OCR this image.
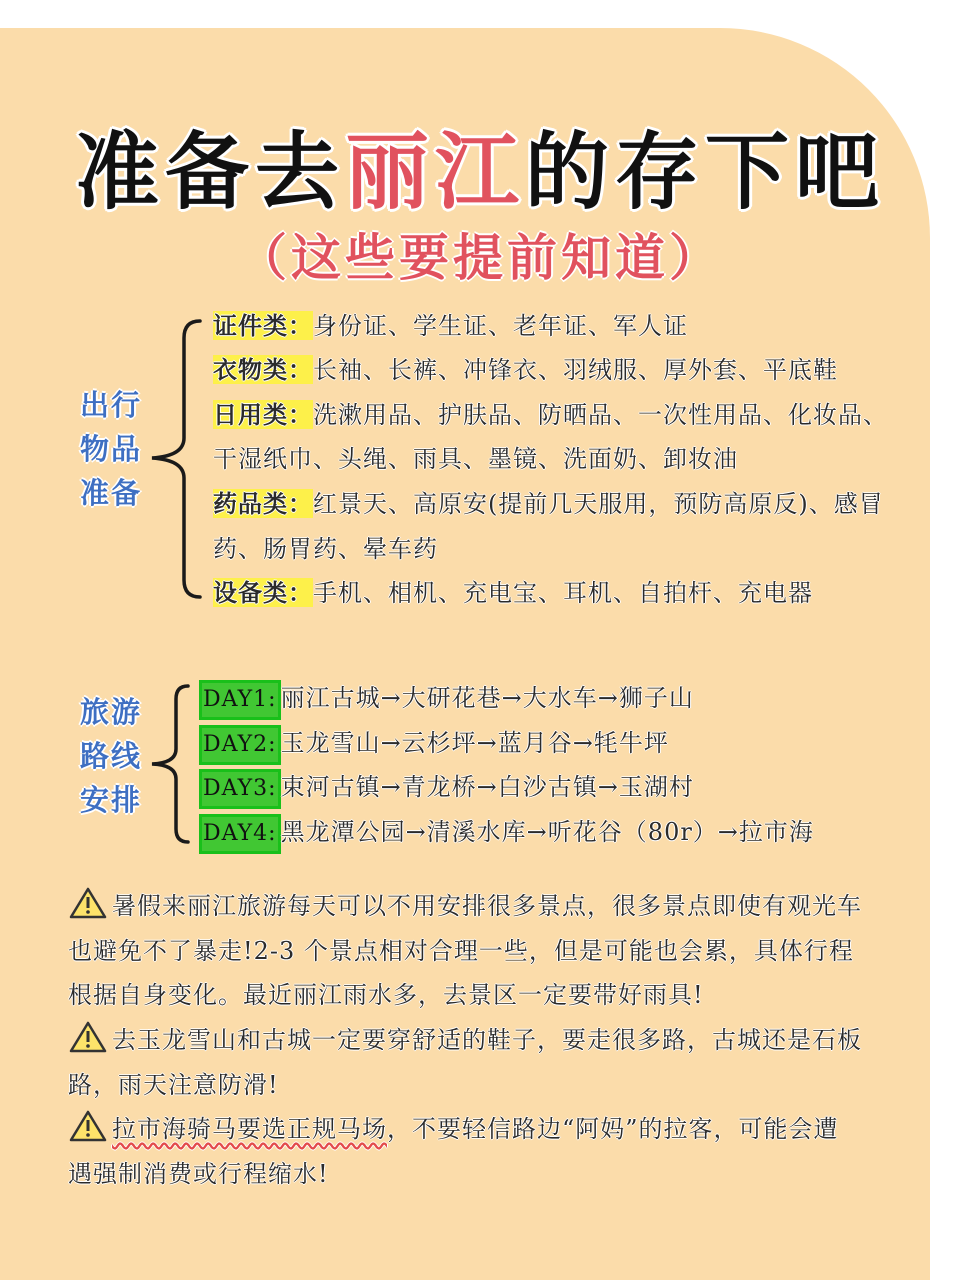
准备去丽江的存下吧
（这些要提前知道）
出行
物品
准备
证件类：身份证、学生证、老年证、军人证
衣物类：长袖、长裤、冲锋衣、羽绒服、厚外套、平底鞋
日用类：洗漱用品、护肤品、防晒品、一次性用品、化妆品、
干湿纸巾、头绳、雨具、墨镜、洗面奶、卸妆油
药品类：红景天、高原安(提前几天服用，预防高原反)、感冒
药、肠胃药、晕车药
设备类：手机、相机、充电宝、耳机、自拍杆、充电器
旅游
路线
安排
DAY1: 丽江古城→大研花巷→大水车→狮子山
DAY2: 玉龙雪山→云杉坪→蓝月谷→牦牛坪
DAY3: 束河古镇→青龙桥→白沙古镇→玉湖村
DAY4: 黑龙潭公园→清溪水库→听花谷（80r）→拉市海
暑假来丽江旅游每天可以不用安排很多景点，很多景点即使有观光车
也避免不了暴走!2-3 个景点相对合理一些，但是可能也会累，具体行程
根据自身变化。最近丽江雨水多，去景区一定要带好雨具!
去玉龙雪山和古城一定要穿舒适的鞋子，要走很多路，古城还是石板
路，雨天注意防滑!
拉市海骑马要选正规马场，不要轻信路边“阿妈”的拉客，可能会遭
遇强制消费或行程缩水!
